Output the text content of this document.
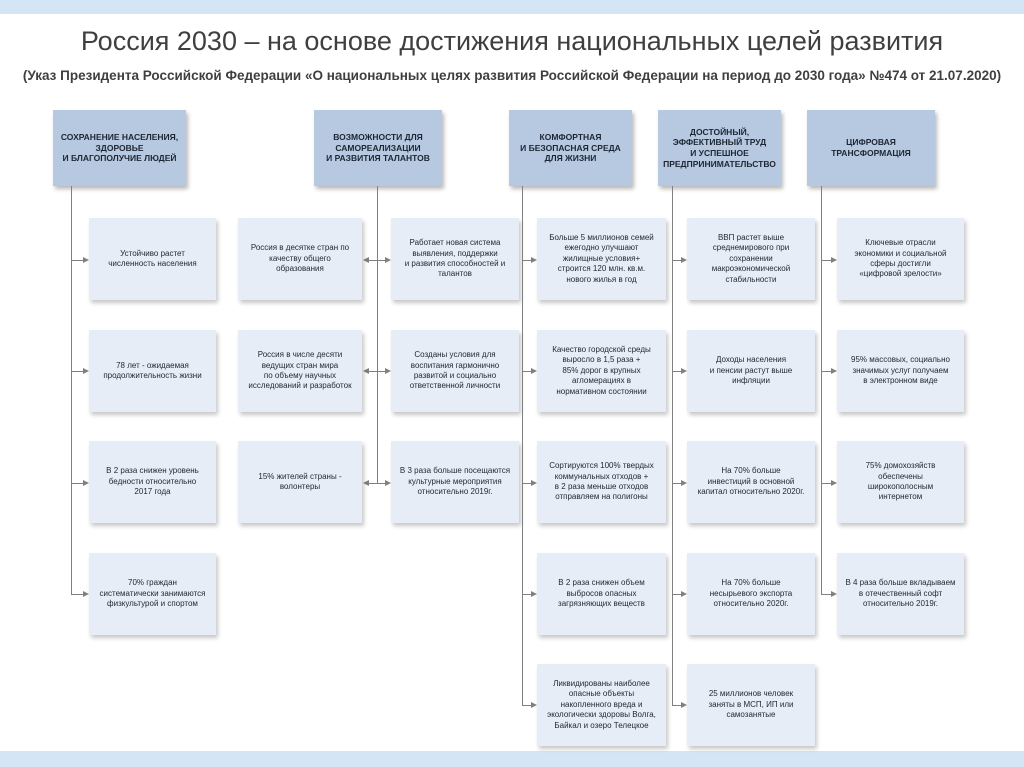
Россия 2030 – на основе достижения национальных целей развития
(Указ Президента Российской Федерации «О национальных целях развития Российской Федерации на период до 2030 года» №474 от 21.07.2020)
СОХРАНЕНИЕ НАСЕЛЕНИЯ,
ЗДОРОВЬЕ
И БЛАГОПОЛУЧИЕ ЛЮДЕЙ
Устойчиво растет
численность населения
78 лет - ожидаемая
продолжительность жизни
В 2 раза снижен уровень
бедности относительно
2017 года
70% граждан
систематически занимаются
физкультурой и спортом
ВОЗМОЖНОСТИ ДЛЯ
САМОРЕАЛИЗАЦИИ
И РАЗВИТИЯ ТАЛАНТОВ
Россия в десятке стран по
качеству общего
образования
Россия в числе десяти
ведущих стран мира
по объему научных
исследований и разработок
15% жителей страны -
волонтеры
Работает новая система
выявления, поддержки
и развития способностей и
талантов
Созданы условия для
воспитания гармонично
развитой и социально
ответственной личности
В 3 раза больше посещаются
культурные мероприятия
относительно 2019г.
КОМФОРТНАЯ
И БЕЗОПАСНАЯ СРЕДА
ДЛЯ ЖИЗНИ
Больше 5 миллионов семей
ежегодно улучшают
жилищные условия+
строится 120 млн. кв.м.
нового жилья в год
Качество городской среды
выросло в 1,5 раза +
85% дорог в крупных
агломерациях в
нормативном состоянии
Сортируются 100% твердых
коммунальных отходов +
в 2 раза меньше отходов
отправляем на полигоны
В 2 раза снижен объем
выбросов опасных
загрязняющих веществ
Ликвидированы наиболее
опасные объекты
накопленного вреда и
экологически здоровы Волга,
Байкал и озеро Телецкое
ДОСТОЙНЫЙ,
ЭФФЕКТИВНЫЙ ТРУД
И УСПЕШНОЕ
ПРЕДПРИНИМАТЕЛЬСТВО
ВВП растет выше
среднемирового при
сохранении
макроэкономической
стабильности
Доходы населения
и пенсии растут выше
инфляции
На 70% больше
инвестиций в основной
капитал относительно 2020г.
На 70% больше
несырьевого экспорта
относительно 2020г.
25 миллионов человек
заняты в МСП, ИП или
самозанятые
ЦИФРОВАЯ
ТРАНСФОРМАЦИЯ
Ключевые отрасли
экономики и социальной
сферы достигли
«цифровой зрелости»
95% массовых, социально
значимых услуг получаем
в электронном виде
75% домохозяйств
обеспечены
широкополосным
интернетом
В 4 раза больше вкладываем
в отечественный софт
относительно 2019г.
